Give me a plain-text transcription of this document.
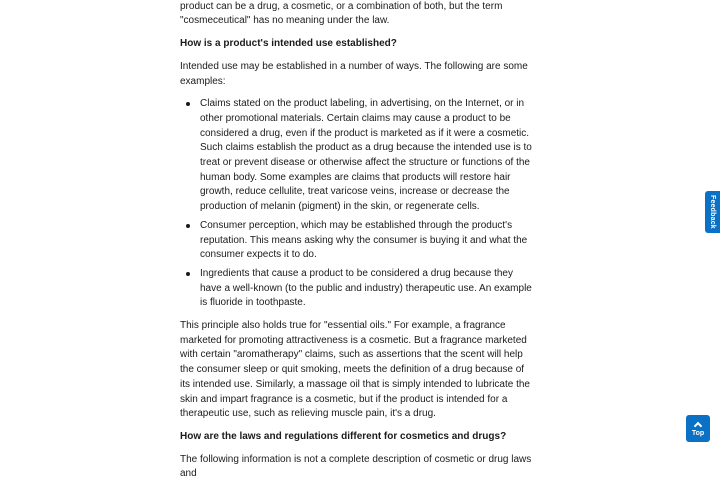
product can be a drug, a cosmetic, or a combination of both, but the term "cosmeceutical" has no meaning under the law.

How is a product's intended use established?

Intended use may be established in a number of ways. The following are some examples:

Claims stated on the product labeling, in advertising, on the Internet, or in other promotional materials. Certain claims may cause a product to be considered a drug, even if the product is marketed as if it were a cosmetic. Such claims establish the product as a drug because the intended use is to treat or prevent disease or otherwise affect the structure or functions of the human body. Some examples are claims that products will restore hair growth, reduce cellulite, treat varicose veins, increase or decrease the production of melanin (pigment) in the skin, or regenerate cells.
Consumer perception, which may be established through the product's reputation. This means asking why the consumer is buying it and what the consumer expects it to do.
Ingredients that cause a product to be considered a drug because they have a well-known (to the public and industry) therapeutic use. An example is fluoride in toothpaste.

This principle also holds true for "essential oils." For example, a fragrance marketed for promoting attractiveness is a cosmetic. But a fragrance marketed with certain "aromatherapy" claims, such as assertions that the scent will help the consumer sleep or quit smoking, meets the definition of a drug because of its intended use. Similarly, a massage oil that is simply intended to lubricate the skin and impart fragrance is a cosmetic, but if the product is intended for a therapeutic use, such as relieving muscle pain, it's a drug.

How are the laws and regulations different for cosmetics and drugs?

The following information is not a complete description of cosmetic or drug laws and

Feedback
Top
